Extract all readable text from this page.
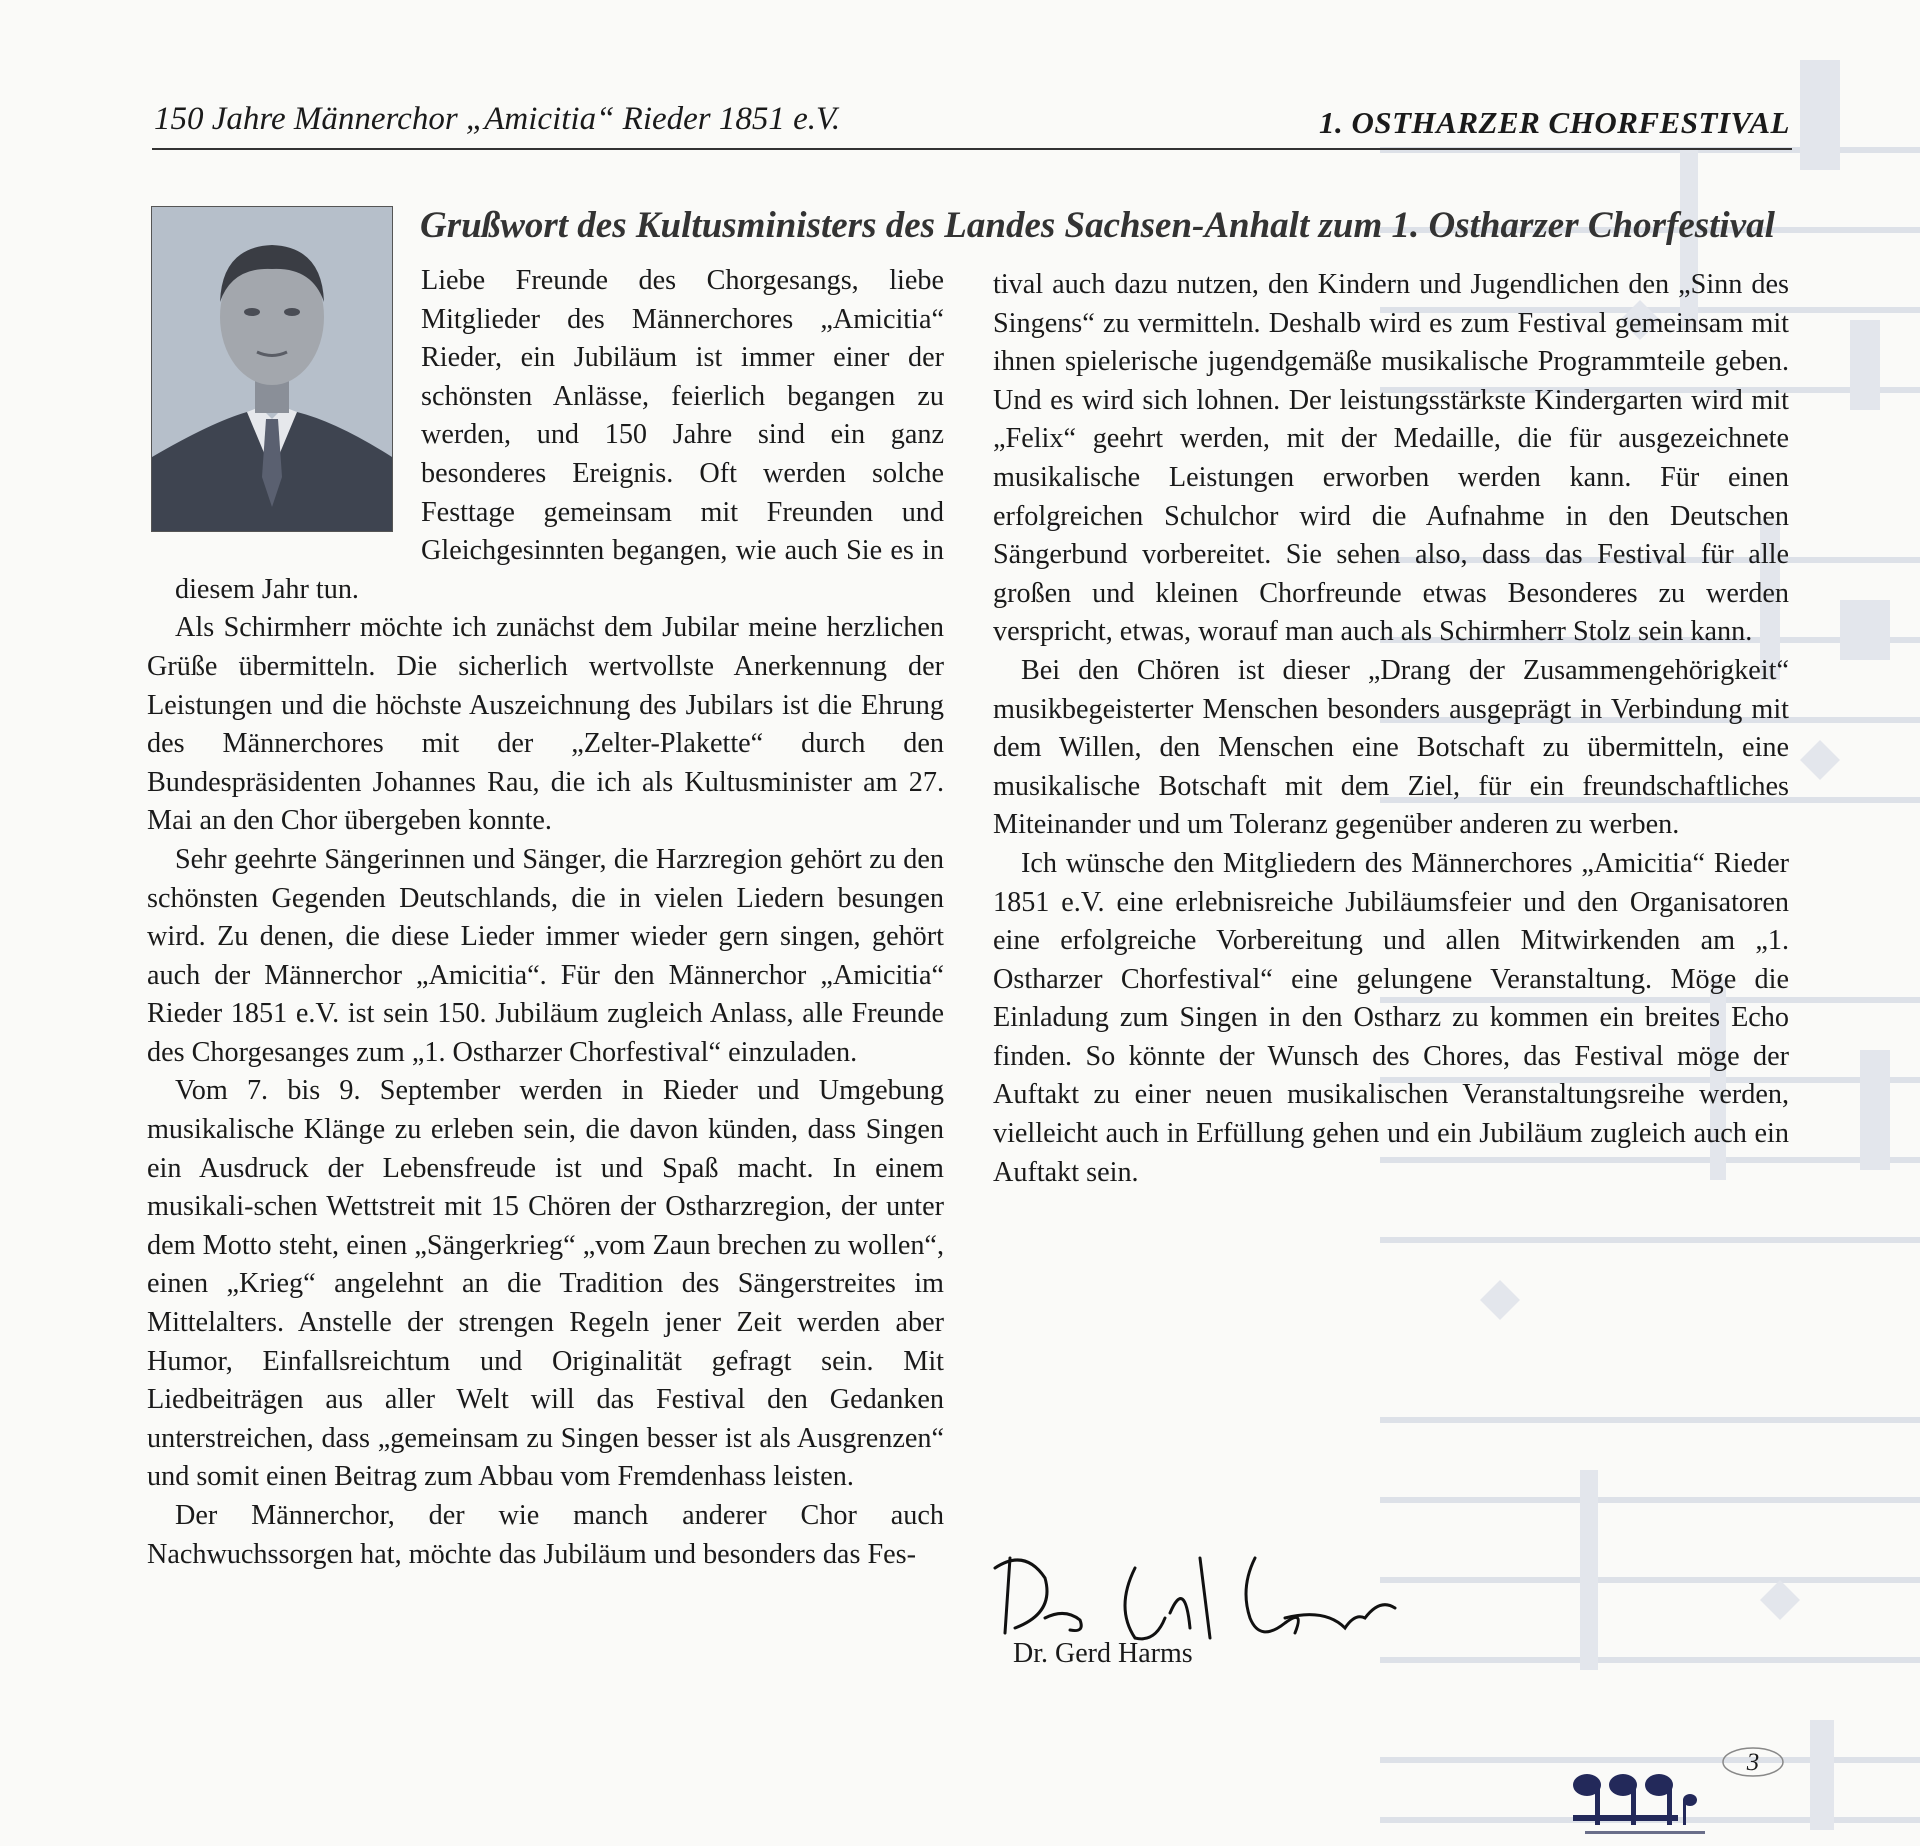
150 Jahre Männerchor „Amicitia“ Rieder 1851 e.V.	1. OSTHARZER CHORFESTIVAL
Grußwort des Kultusministers des Landes Sachsen-Anhalt zum 1. Ostharzer Chorfestival

Liebe Freunde des Chorgesangs, liebe Mitglieder des Männerchores „Amicitia“ Rieder, ein Jubiläum ist immer einer der schönsten Anlässe, feierlich begangen zu werden, und 150 Jahre sind ein ganz besonderes Ereignis. Oft werden solche Festtage gemeinsam mit Freunden und Gleichgesinnten begangen, wie auch Sie es in diesem Jahr tun.

Als Schirmherr möchte ich zunächst dem Jubilar meine herzlichen Grüße übermitteln. Die sicherlich wertvollste Anerkennung der Leistungen und die höchste Auszeichnung des Jubilars ist die Ehrung des Männerchores mit der „Zelter-Plakette“ durch den Bundespräsidenten Johannes Rau, die ich als Kultusminister am 27. Mai an den Chor übergeben konnte.

Sehr geehrte Sängerinnen und Sänger, die Harzregion gehört zu den schönsten Gegenden Deutschlands, die in vielen Liedern besungen wird. Zu denen, die diese Lieder immer wieder gern singen, gehört auch der Männerchor „Amicitia“. Für den Männerchor „Amicitia“ Rieder 1851 e.V. ist sein 150. Jubiläum zugleich Anlass, alle Freunde des Chorgesanges zum „1. Ostharzer Chorfestival“ einzuladen.

Vom 7. bis 9. September werden in Rieder und Umgebung musikalische Klänge zu erleben sein, die davon künden, dass Singen ein Ausdruck der Lebensfreude ist und Spaß macht. In einem musikali-schen Wettstreit mit 15 Chören der Ostharzregion, der unter dem Motto steht, einen „Sängerkrieg“ „vom Zaun brechen zu wollen“, einen „Krieg“ angelehnt an die Tradition des Sängerstreites im Mittelalters. Anstelle der strengen Regeln jener Zeit werden aber Humor, Einfallsreichtum und Originalität gefragt sein. Mit Liedbeiträgen aus aller Welt will das Festival den Gedanken unterstreichen, dass „gemeinsam zu Singen besser ist als Ausgrenzen“ und somit einen Beitrag zum Abbau vom Fremdenhass leisten.

Der Männerchor, der wie manch anderer Chor auch Nachwuchssorgen hat, möchte das Jubiläum und besonders das Fes-

tival auch dazu nutzen, den Kindern und Jugendlichen den „Sinn des Singens“ zu vermitteln. Deshalb wird es zum Festival gemeinsam mit ihnen spielerische jugendgemäße musikalische Programmteile geben. Und es wird sich lohnen. Der leistungsstärkste Kindergarten wird mit „Felix“ geehrt werden, mit der Medaille, die für ausgezeichnete musikalische Leistungen erworben werden kann. Für einen erfolgreichen Schulchor wird die Aufnahme in den Deutschen Sängerbund vorbereitet. Sie sehen also, dass das Festival für alle großen und kleinen Chorfreunde etwas Besonderes zu werden verspricht, etwas, worauf man auch als Schirmherr Stolz sein kann.

Bei den Chören ist dieser „Drang der Zusammengehörigkeit“ musikbegeisterter Menschen besonders ausgeprägt in Verbindung mit dem Willen, den Menschen eine Botschaft zu übermitteln, eine musikalische Botschaft mit dem Ziel, für ein freundschaftliches Miteinander und um Toleranz gegenüber anderen zu werben.

Ich wünsche den Mitgliedern des Männerchores „Amicitia“ Rieder 1851 e.V. eine erlebnisreiche Jubiläumsfeier und den Organisatoren eine erfolgreiche Vorbereitung und allen Mitwirkenden am „1. Ostharzer Chorfestival“ eine gelungene Veranstaltung. Möge die Einladung zum Singen in den Ostharz zu kommen ein breites Echo finden. So könnte der Wunsch des Chores, das Festival möge der Auftakt zu einer neuen musikalischen Veranstaltungsreihe werden, vielleicht auch in Erfüllung gehen und ein Jubiläum zugleich auch ein Auftakt sein.

Dr. Gerd Harms
3
